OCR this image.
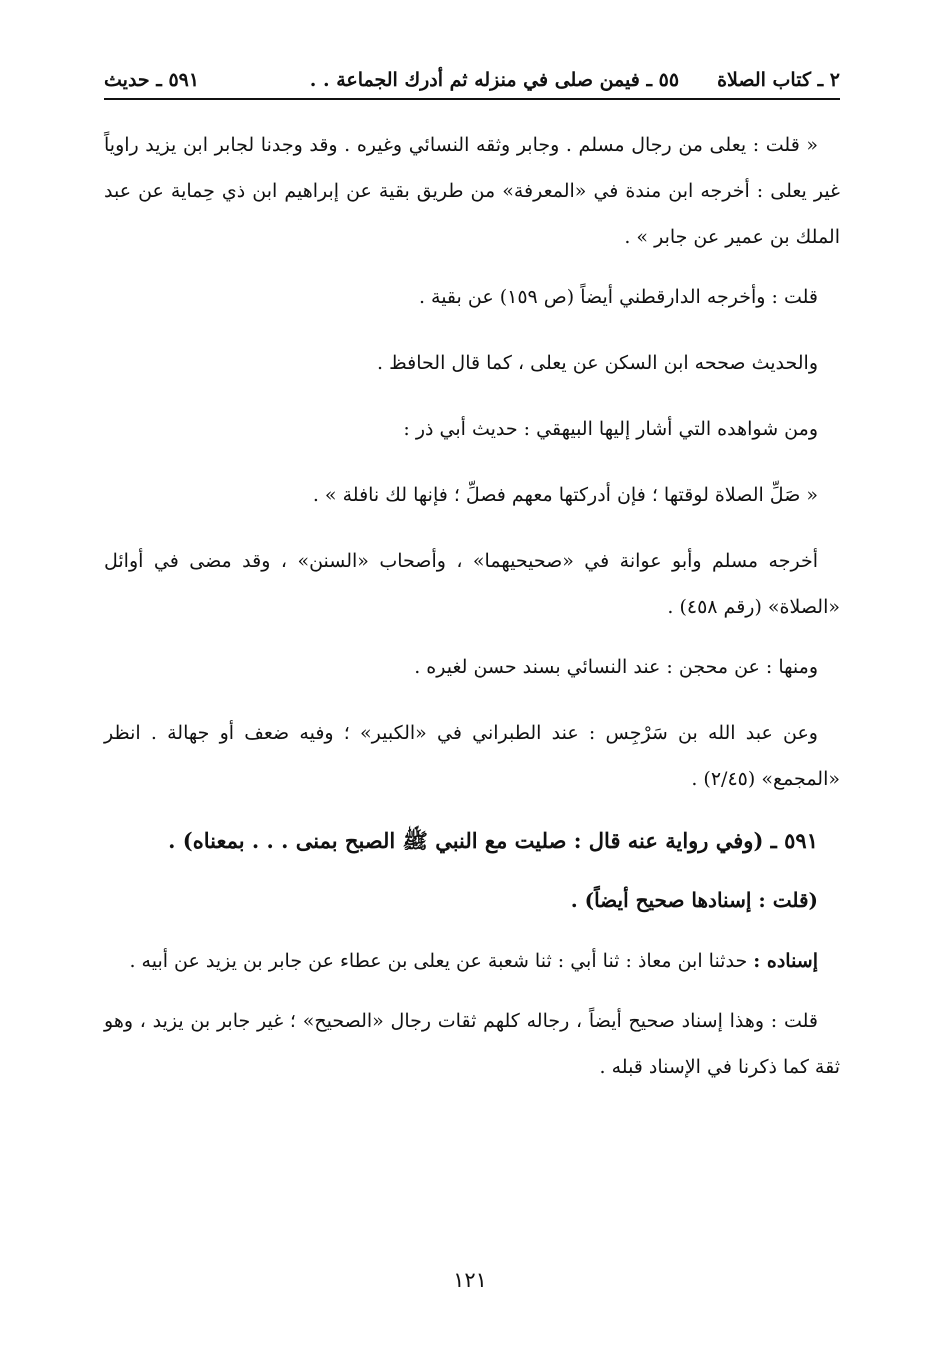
٢ ـ كتاب الصلاة٥٥ ـ فيمن صلى في منزله ثم أدرك الجماعة . .
٥٩١ ـ حديث

« قلت : يعلى من رجال مسلم . وجابر وثقه النسائي وغيره . وقد وجدنا لجابر ابن يزيد راوياً غير يعلى : أخرجه ابن مندة في «المعرفة» من طريق بقية عن إبراهيم ابن ذي حِماية عن عبد الملك بن عمير عن جابر » .

قلت : وأخرجه الدارقطني أيضاً (ص ١٥٩) عن بقية .

والحديث صححه ابن السكن عن يعلى ، كما قال الحافظ .

ومن شواهده التي أشار إليها البيهقي : حديث أبي ذر :

« صَلِّ الصلاة لوقتها ؛ فإن أدركتها معهم فصلِّ ؛ فإنها لك نافلة » .

أخرجه مسلم وأبو عوانة في «صحيحيهما» ، وأصحاب «السنن» ، وقد مضى في أوائل «الصلاة» (رقم ٤٥٨) .

ومنها : عن محجن : عند النسائي بسند حسن لغيره .

وعن عبد الله بن سَرْجِس : عند الطبراني في «الكبير» ؛ وفيه ضعف أو جهالة . انظر «المجمع» (٢/٤٥) .

٥٩١ ـ (وفي رواية عنه قال : صليت مع النبي ﷺ الصبح بمنى . . . بمعناه) .

(قلت : إسنادها صحيح أيضاً) .

إسناده : حدثنا ابن معاذ : ثنا أبي : ثنا شعبة عن يعلى بن عطاء عن جابر بن يزيد عن أبيه .

قلت : وهذا إسناد صحيح أيضاً ، رجاله كلهم ثقات رجال «الصحيح» ؛ غير جابر بن يزيد ، وهو ثقة كما ذكرنا في الإسناد قبله .

١٢١
